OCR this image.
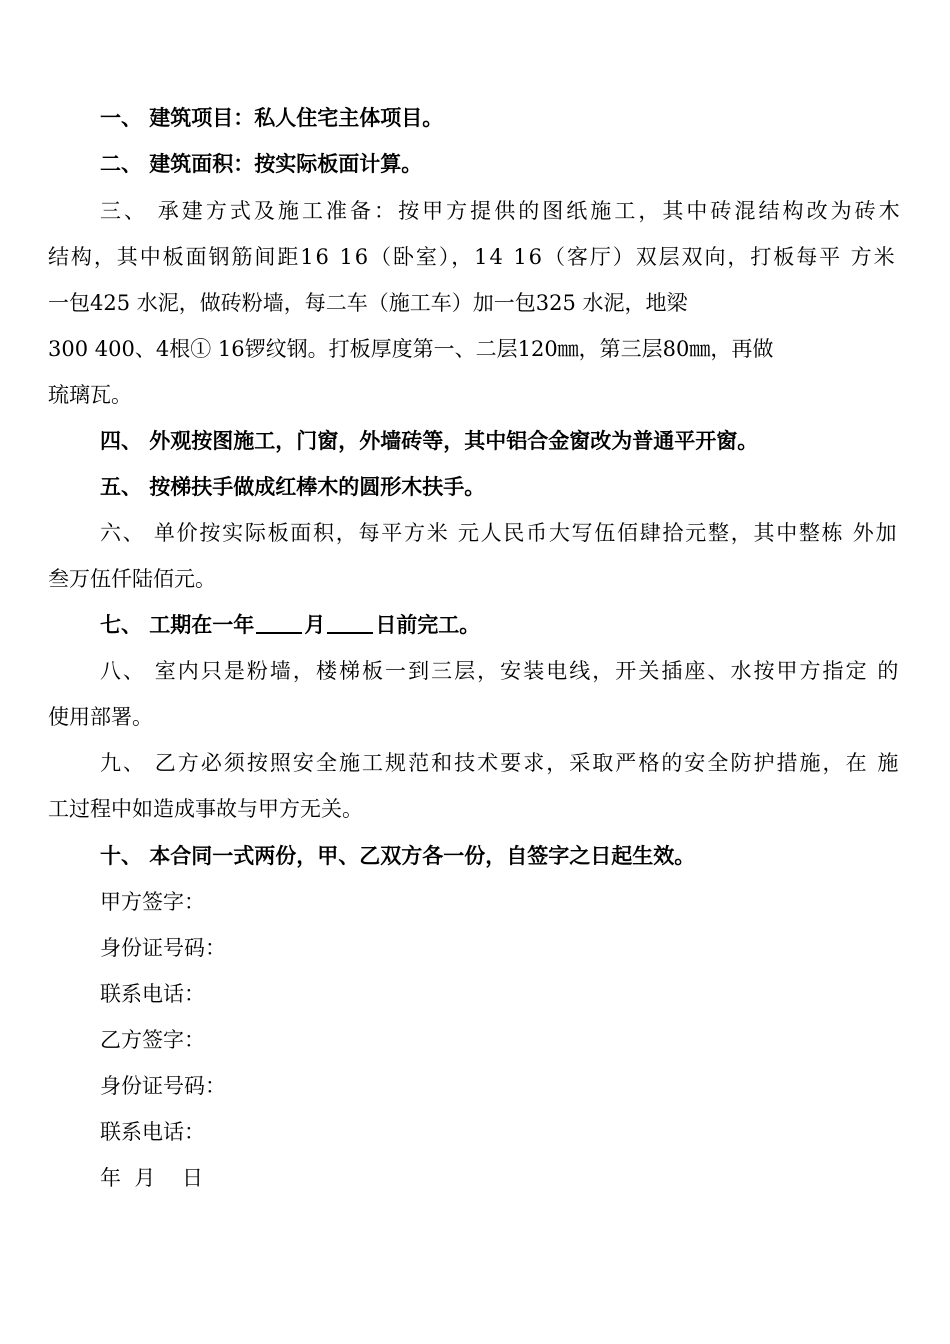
一、 建筑项目：私人住宅主体项目。
二、 建筑面积：按实际板面计算。
三、 承建方式及施工准备：按甲方提供的图纸施工，其中砖混结构改为砖木
结构，其中板面钢筋间距16 16（卧室），14 16（客厅）双层双向，打板每平 方米
一包425 水泥，做砖粉墙，每二车（施工车）加一包325 水泥，地梁
300 400、4根① 16锣纹钢。打板厚度第一、二层120㎜，第三层80㎜，再做
琉璃瓦。
四、 外观按图施工，门窗，外墙砖等，其中铝合金窗改为普通平开窗。
五、 按梯扶手做成红棒木的圆形木扶手。
六、 单价按实际板面积，每平方米 元人民币大写伍佰肆拾元整，其中整栋 外加
叁万伍仟陆佰元。
七、 工期在一年 月 日前完工。
八、 室内只是粉墙，楼梯板一到三层，安装电线，开关插座、水按甲方指定 的
使用部署。
九、 乙方必须按照安全施工规范和技术要求，采取严格的安全防护措施，在 施
工过程中如造成事故与甲方无关。
十、 本合同一式两份，甲、乙双方各一份，自签字之日起生效。
甲方签字：
身份证号码：
联系电话：
乙方签字：
身份证号码：
联系电话：
年  月    日
